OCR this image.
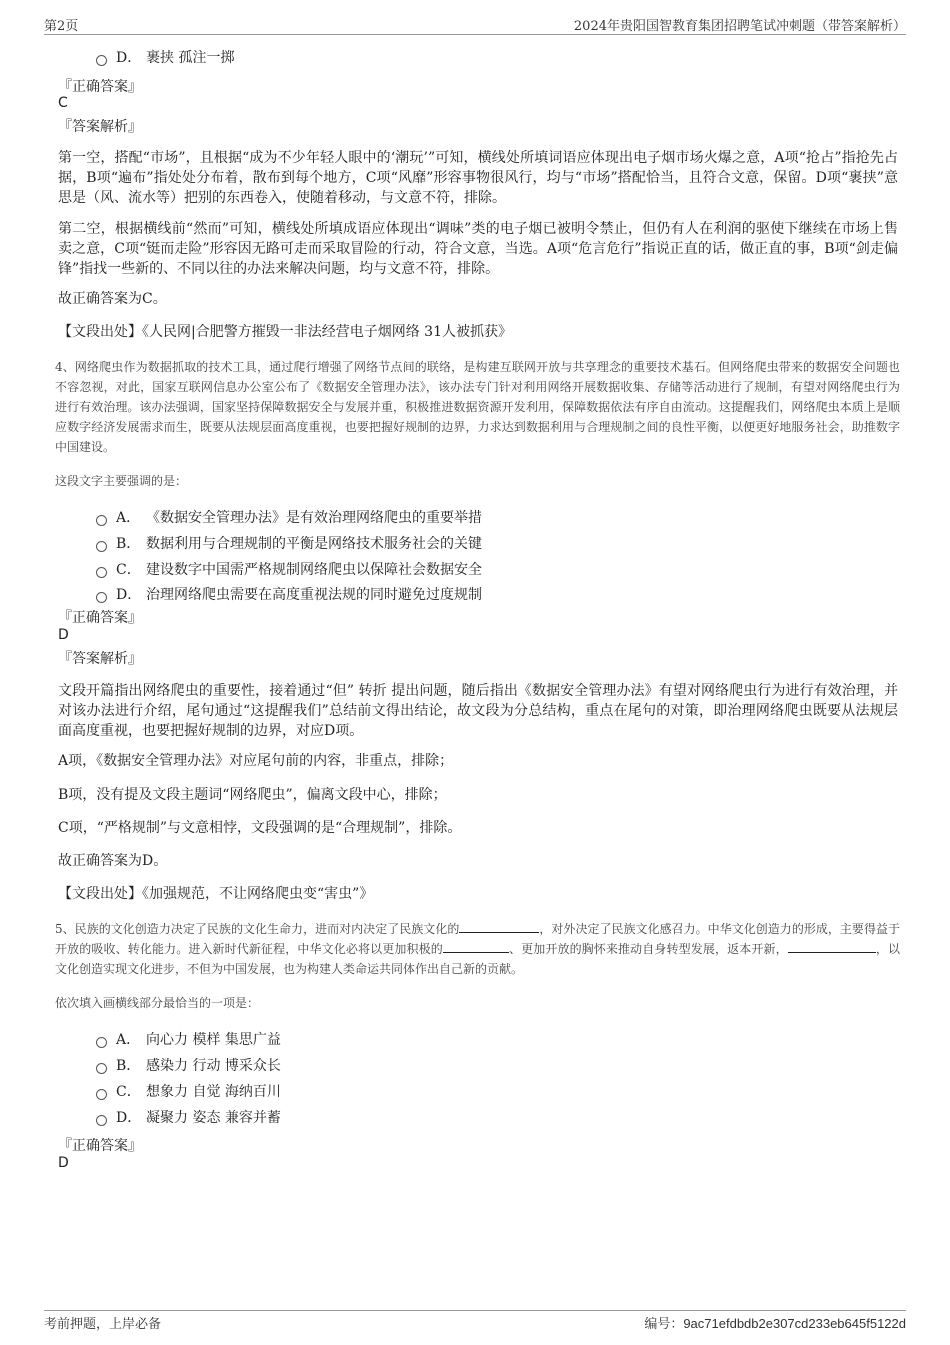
第2页	2024年贵阳国智教育集团招聘笔试冲刺题（带答案解析）
D． 裹挟 孤注一掷
『正确答案』
C
『答案解析』
第一空，搭配“市场”，且根据“成为不少年轻人眼中的‘潮玩’”可知，横线处所填词语应体现出电子烟市场火爆之意，A项“抢占”指抢先占据，B项“遍布”指处处分布着，散布到每个地方，C项“风靡”形容事物很风行，均与“市场”搭配恰当，且符合文意，保留。D项“裹挟”意思是（风、流水等）把别的东西卷入，使随着移动，与文意不符，排除。
第二空，根据横线前“然而”可知，横线处所填成语应体现出“调味”类的电子烟已被明令禁止，但仍有人在利润的驱使下继续在市场上售卖之意，C项“铤而走险”形容因无路可走而采取冒险的行动，符合文意，当选。A项“危言危行”指说正直的话，做正直的事，B项“剑走偏锋”指找一些新的、不同以往的办法来解决问题，均与文意不符，排除。
故正确答案为C。
【文段出处】《人民网|合肥警方摧毁一非法经营电子烟网络 31人被抓获》
4、网络爬虫作为数据抓取的技术工具，通过爬行增强了网络节点间的联络，是构建互联网开放与共享理念的重要技术基石。但网络爬虫带来的数据安全问题也不容忽视，对此，国家互联网信息办公室公布了《数据安全管理办法》，该办法专门针对利用网络开展数据收集、存储等活动进行了规制，有望对网络爬虫行为进行有效治理。该办法强调，国家坚持保障数据安全与发展并重，积极推进数据资源开发利用，保障数据依法有序自由流动。这提醒我们，网络爬虫本质上是顺应数字经济发展需求而生，既要从法规层面高度重视，也要把握好规制的边界，力求达到数据利用与合理规制之间的良性平衡，以便更好地服务社会，助推数字中国建设。
这段文字主要强调的是：
A． 《数据安全管理办法》是有效治理网络爬虫的重要举措
B． 数据利用与合理规制的平衡是网络技术服务社会的关键
C． 建设数字中国需严格规制网络爬虫以保障社会数据安全
D． 治理网络爬虫需要在高度重视法规的同时避免过度规制
『正确答案』
D
『答案解析』
文段开篇指出网络爬虫的重要性，接着通过“但” 转折 提出问题，随后指出《数据安全管理办法》有望对网络爬虫行为进行有效治理，并对该办法进行介绍，尾句通过“这提醒我们”总结前文得出结论，故文段为分总结构，重点在尾句的对策，即治理网络爬虫既要从法规层面高度重视，也要把握好规制的边界，对应D项。
A项，《数据安全管理办法》对应尾句前的内容，非重点，排除；
B项，没有提及文段主题词“网络爬虫”，偏离文段中心，排除；
C项，“严格规制”与文意相悖，文段强调的是“合理规制”，排除。
故正确答案为D。
【文段出处】《加强规范，不让网络爬虫变“害虫”》
5、民族的文化创造力决定了民族的文化生命力，进而对内决定了民族文化的	，对外决定了民族文化感召力。中华文化创造力的形成，主要得益于开放的吸收、转化能力。进入新时代新征程，中华文化必将以更加积极的	、更加开放的胸怀来推动自身转型发展，返本开新，	，以文化创造实现文化进步，不但为中国发展，也为构建人类命运共同体作出自己新的贡献。
依次填入画横线部分最恰当的一项是：
A． 向心力 模样 集思广益
B． 感染力 行动 博采众长
C． 想象力 自觉 海纳百川
D． 凝聚力 姿态 兼容并蓄
『正确答案』
D
考前押题，上岸必备	编号：9ac71efdbdb2e307cd233eb645f5122d
